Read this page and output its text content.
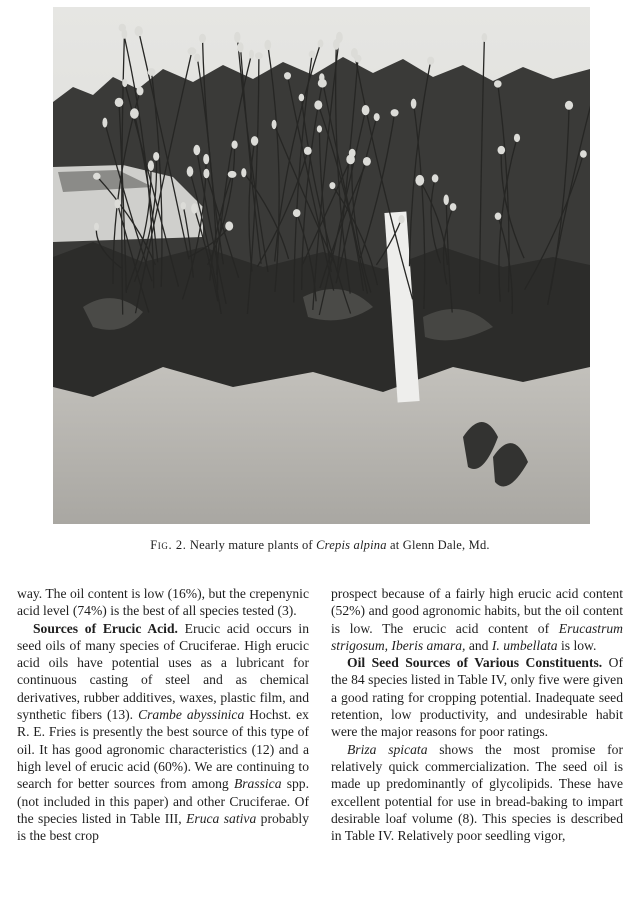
Fig. 2. Nearly mature plants of Crepis alpina at Glenn Dale, Md.

way. The oil content is low (16%), but the crepenynic acid level (74%) is the best of all species tested (3).

Sources of Erucic Acid. Erucic acid occurs in seed oils of many species of Cruciferae. High erucic acid oils have potential uses as a lubricant for continuous casting of steel and as chemical derivatives, rubber additives, waxes, plastic film, and synthetic fibers (13). Crambe abyssinica Hochst. ex R. E. Fries is presently the best source of this type of oil. It has good agronomic characteristics (12) and a high level of erucic acid (60%). We are continuing to search for better sources from among Brassica spp. (not included in this paper) and other Cruciferae. Of the species listed in Table III, Eruca sativa probably is the best crop

prospect because of a fairly high erucic acid content (52%) and good agronomic habits, but the oil content is low. The erucic acid content of Erucastrum strigosum, Iberis amara, and I. umbellata is low.

Oil Seed Sources of Various Constituents. Of the 84 species listed in Table IV, only five were given a good rating for cropping potential. Inadequate seed retention, low productivity, and undesirable habit were the major reasons for poor ratings.

Briza spicata shows the most promise for relatively quick commercialization. The seed oil is made up predominantly of glycolipids. These have excellent potential for use in bread-baking to impart desirable loaf volume (8). This species is described in Table IV. Relatively poor seedling vigor,
